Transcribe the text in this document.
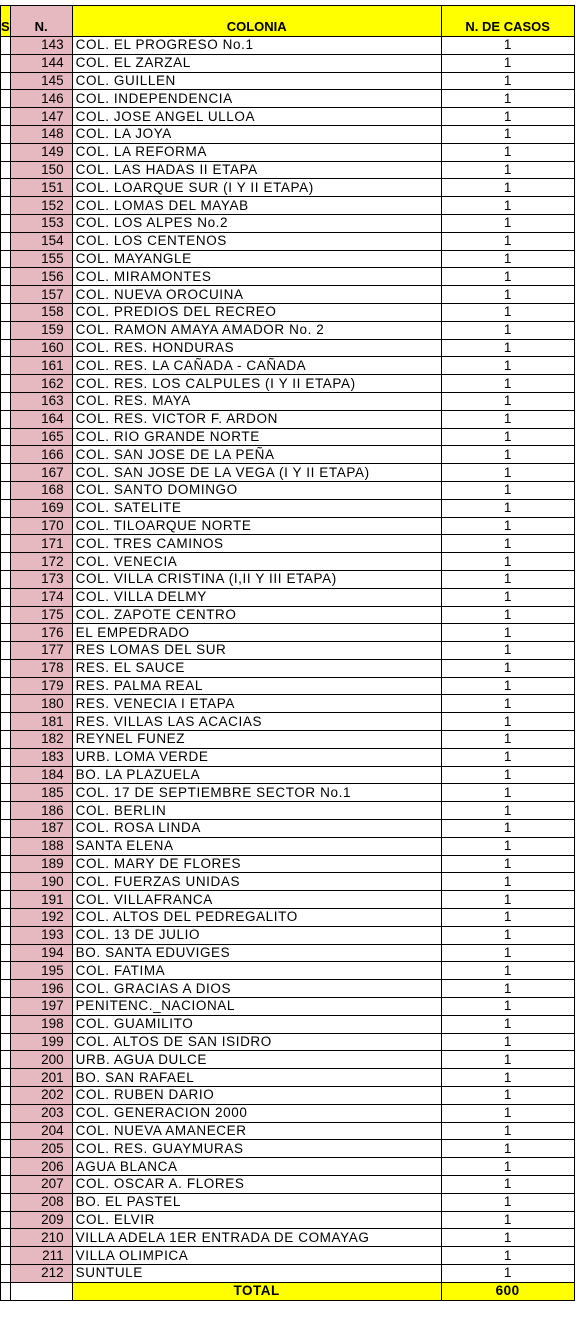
S	N.	COLONIA	N. DE CASOS
	143	COL. EL PROGRESO No.1	1
	144	COL. EL ZARZAL	1
	145	COL. GUILLEN	1
	146	COL. INDEPENDENCIA	1
	147	COL. JOSE ANGEL ULLOA	1
	148	COL. LA JOYA	1
	149	COL. LA REFORMA	1
	150	COL. LAS HADAS II ETAPA	1
	151	COL. LOARQUE SUR (I Y II ETAPA)	1
	152	COL. LOMAS DEL MAYAB	1
	153	COL. LOS ALPES No.2	1
	154	COL. LOS CENTENOS	1
	155	COL. MAYANGLE	1
	156	COL. MIRAMONTES	1
	157	COL. NUEVA OROCUINA	1
	158	COL. PREDIOS DEL RECREO	1
	159	COL. RAMON AMAYA AMADOR No. 2	1
	160	COL. RES. HONDURAS	1
	161	COL. RES. LA CAÑADA - CAÑADA	1
	162	COL. RES. LOS CALPULES (I Y II ETAPA)	1
	163	COL. RES. MAYA	1
	164	COL. RES. VICTOR F. ARDON	1
	165	COL. RIO GRANDE NORTE	1
	166	COL. SAN JOSE DE LA PEÑA	1
	167	COL. SAN JOSE DE LA VEGA (I Y II ETAPA)	1
	168	COL. SANTO DOMINGO	1
	169	COL. SATELITE	1
	170	COL. TILOARQUE NORTE	1
	171	COL. TRES CAMINOS	1
	172	COL. VENECIA	1
	173	COL. VILLA CRISTINA (I,II Y III ETAPA)	1
	174	COL. VILLA DELMY	1
	175	COL. ZAPOTE CENTRO	1
	176	EL EMPEDRADO	1
	177	RES LOMAS DEL SUR	1
	178	RES. EL SAUCE	1
	179	RES. PALMA REAL	1
	180	RES. VENECIA I ETAPA	1
	181	RES. VILLAS LAS ACACIAS	1
	182	REYNEL FUNEZ	1
	183	URB. LOMA VERDE	1
	184	BO. LA PLAZUELA	1
	185	COL. 17 DE SEPTIEMBRE SECTOR No.1	1
	186	COL. BERLIN	1
	187	COL. ROSA LINDA	1
	188	SANTA ELENA	1
	189	COL. MARY DE FLORES	1
	190	COL. FUERZAS UNIDAS	1
	191	COL. VILLAFRANCA	1
	192	COL. ALTOS DEL PEDREGALITO	1
	193	COL. 13 DE JULIO	1
	194	BO. SANTA EDUVIGES	1
	195	COL. FATIMA	1
	196	COL. GRACIAS A DIOS	1
	197	PENITENC._NACIONAL	1
	198	COL. GUAMILITO	1
	199	COL. ALTOS DE SAN ISIDRO	1
	200	URB. AGUA DULCE	1
	201	BO. SAN RAFAEL	1
	202	COL. RUBEN DARIO	1
	203	COL. GENERACION 2000	1
	204	COL. NUEVA AMANECER	1
	205	COL. RES. GUAYMURAS	1
	206	AGUA BLANCA	1
	207	COL. OSCAR A. FLORES	1
	208	BO. EL PASTEL	1
	209	COL. ELVIR	1
	210	VILLA ADELA 1ER ENTRADA DE COMAYAG	1
	211	VILLA OLIMPICA	1
	212	SUNTULE	1
		TOTAL	600
